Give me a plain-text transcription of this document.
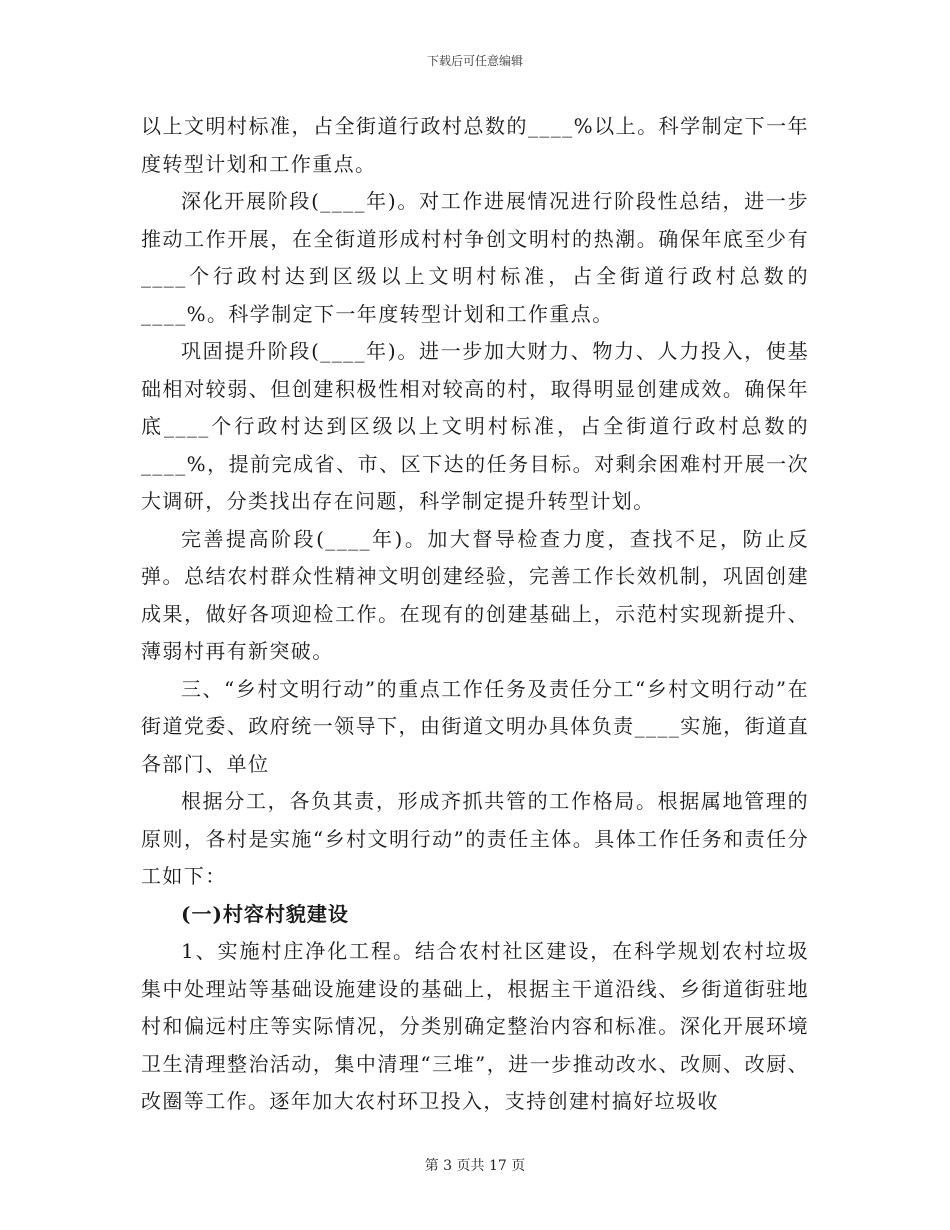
下载后可任意编辑

以上文明村标准，占全街道行政村总数的____%以上。科学制定下一年度转型计划和工作重点。

深化开展阶段(____年)。对工作进展情况进行阶段性总结，进一步推动工作开展，在全街道形成村村争创文明村的热潮。确保年底至少有____个行政村达到区级以上文明村标准，占全街道行政村总数的____%。科学制定下一年度转型计划和工作重点。

巩固提升阶段(____年)。进一步加大财力、物力、人力投入，使基础相对较弱、但创建积极性相对较高的村，取得明显创建成效。确保年底____个行政村达到区级以上文明村标准，占全街道行政村总数的____%，提前完成省、市、区下达的任务目标。对剩余困难村开展一次大调研，分类找出存在问题，科学制定提升转型计划。

完善提高阶段(____年)。加大督导检查力度，查找不足，防止反弹。总结农村群众性精神文明创建经验，完善工作长效机制，巩固创建成果，做好各项迎检工作。在现有的创建基础上，示范村实现新提升、薄弱村再有新突破。

三、“乡村文明行动”的重点工作任务及责任分工“乡村文明行动”在街道党委、政府统一领导下，由街道文明办具体负责____实施，街道直各部门、单位

根据分工，各负其责，形成齐抓共管的工作格局。根据属地管理的原则，各村是实施“乡村文明行动”的责任主体。具体工作任务和责任分工如下：

(一)村容村貌建设

1、实施村庄净化工程。结合农村社区建设，在科学规划农村垃圾集中处理站等基础设施建设的基础上，根据主干道沿线、乡街道街驻地村和偏远村庄等实际情况，分类别确定整治内容和标准。深化开展环境卫生清理整治活动，集中清理“三堆”，进一步推动改水、改厕、改厨、改圈等工作。逐年加大农村环卫投入，支持创建村搞好垃圾收

第 3 页共 17 页
